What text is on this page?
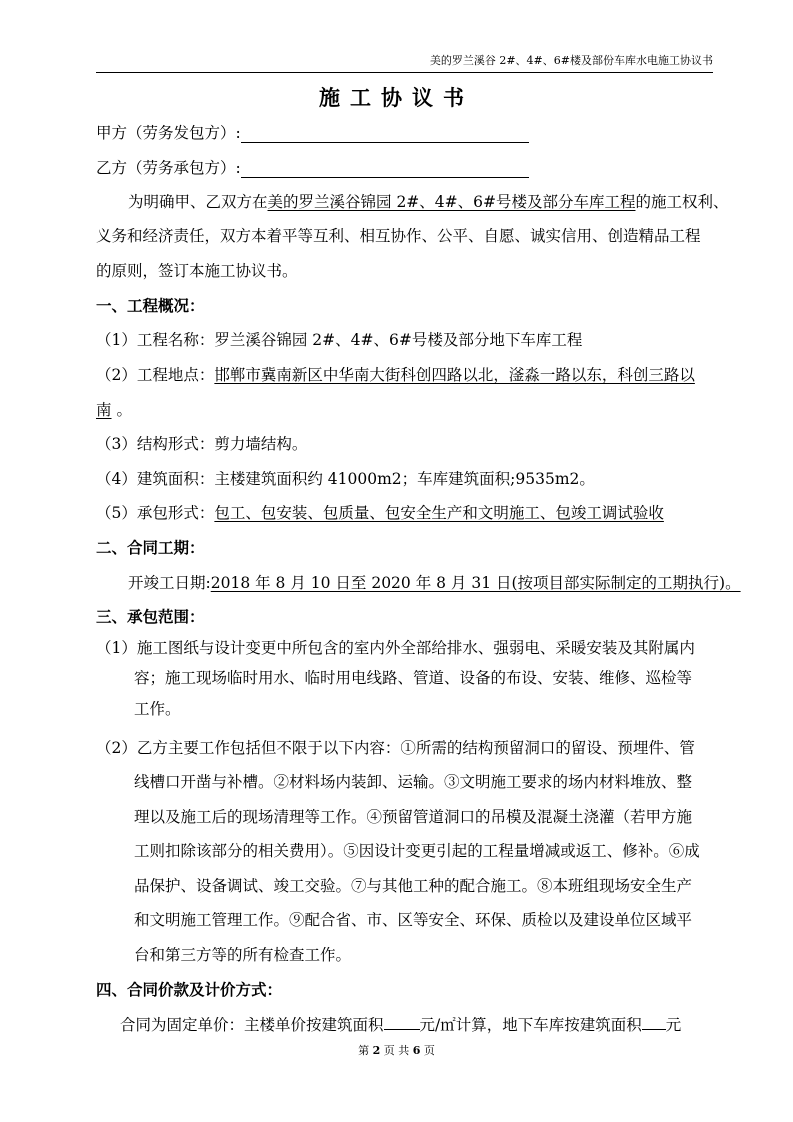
美的罗兰溪谷 2#、4#、6#楼及部份车库水电施工协议书
施工协议书
甲方（劳务发包方）:
乙方（劳务承包方）:
为明确甲、乙双方在美的罗兰溪谷锦园 2#、4#、6#号楼及部分车库工程的施工权利、
义务和经济责任，双方本着平等互利、相互协作、公平、自愿、诚实信用、创造精品工程
的原则，签订本施工协议书。
一、工程概况：
（1）工程名称：罗兰溪谷锦园 2#、4#、6#号楼及部分地下车库工程
（2）工程地点：邯郸市冀南新区中华南大街科创四路以北，滏淼一路以东，科创三路以
南 。
（3）结构形式：剪力墙结构。
（4）建筑面积：主楼建筑面积约 41000m2；车库建筑面积;9535m2。
（5）承包形式：包工、包安装、包质量、包安全生产和文明施工、包竣工调试验收
二、合同工期：
开竣工日期:2018 年 8 月 10 日至 2020 年 8 月 31 日(按项目部实际制定的工期执行)。
三、承包范围：
（1）施工图纸与设计变更中所包含的室内外全部给排水、强弱电、采暖安装及其附属内
容；施工现场临时用水、临时用电线路、管道、设备的布设、安装、维修、巡检等
工作。
（2）乙方主要工作包括但不限于以下内容：①所需的结构预留洞口的留设、预埋件、管
线槽口开凿与补槽。②材料场内装卸、运输。③文明施工要求的场内材料堆放、整
理以及施工后的现场清理等工作。④预留管道洞口的吊模及混凝土浇灌（若甲方施
工则扣除该部分的相关费用）。⑤因设计变更引起的工程量增减或返工、修补。⑥成
品保护、设备调试、竣工交验。⑦与其他工种的配合施工。⑧本班组现场安全生产
和文明施工管理工作。⑨配合省、市、区等安全、环保、质检以及建设单位区域平
台和第三方等的所有检查工作。
四、合同价款及计价方式：
合同为固定单价：主楼单价按建筑面积 元/㎡计算，地下车库按建筑面积 元
第 2 页 共 6 页
